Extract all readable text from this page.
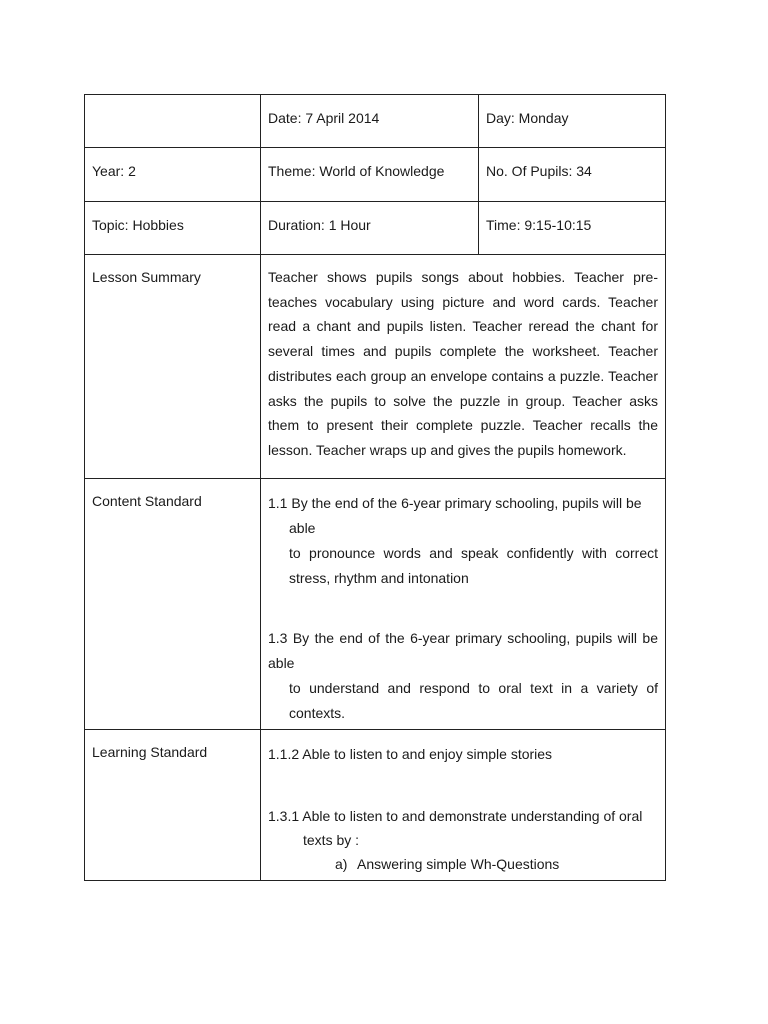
	Date: 7 April 2014	Day: Monday

Year: 2	Theme: World of Knowledge	No. Of Pupils: 34

Topic: Hobbies	Duration: 1 Hour	Time: 9:15-10:15

Lesson Summary	Teacher shows pupils songs about hobbies. Teacher pre-teaches vocabulary using picture and word cards. Teacher read a chant and pupils listen. Teacher reread the chant for several times and pupils complete the worksheet. Teacher distributes each group an envelope contains a puzzle. Teacher asks the pupils to solve the puzzle in group. Teacher asks them to present their complete puzzle. Teacher recalls the lesson. Teacher wraps up and gives the pupils homework.	

Content Standard	1.1 By the end of the 6-year primary schooling, pupils will be
able
to pronounce words and speak confidently with correct stress, rhythm and intonation
1.3 By the end of the 6-year primary schooling, pupils will be able
to understand and respond to oral text in a variety of contexts.	

Learning Standard	1.1.2 Able to listen to and enjoy simple stories
1.3.1 Able to listen to and demonstrate understanding of oral
texts by :
a) Answering simple Wh-Questions	
